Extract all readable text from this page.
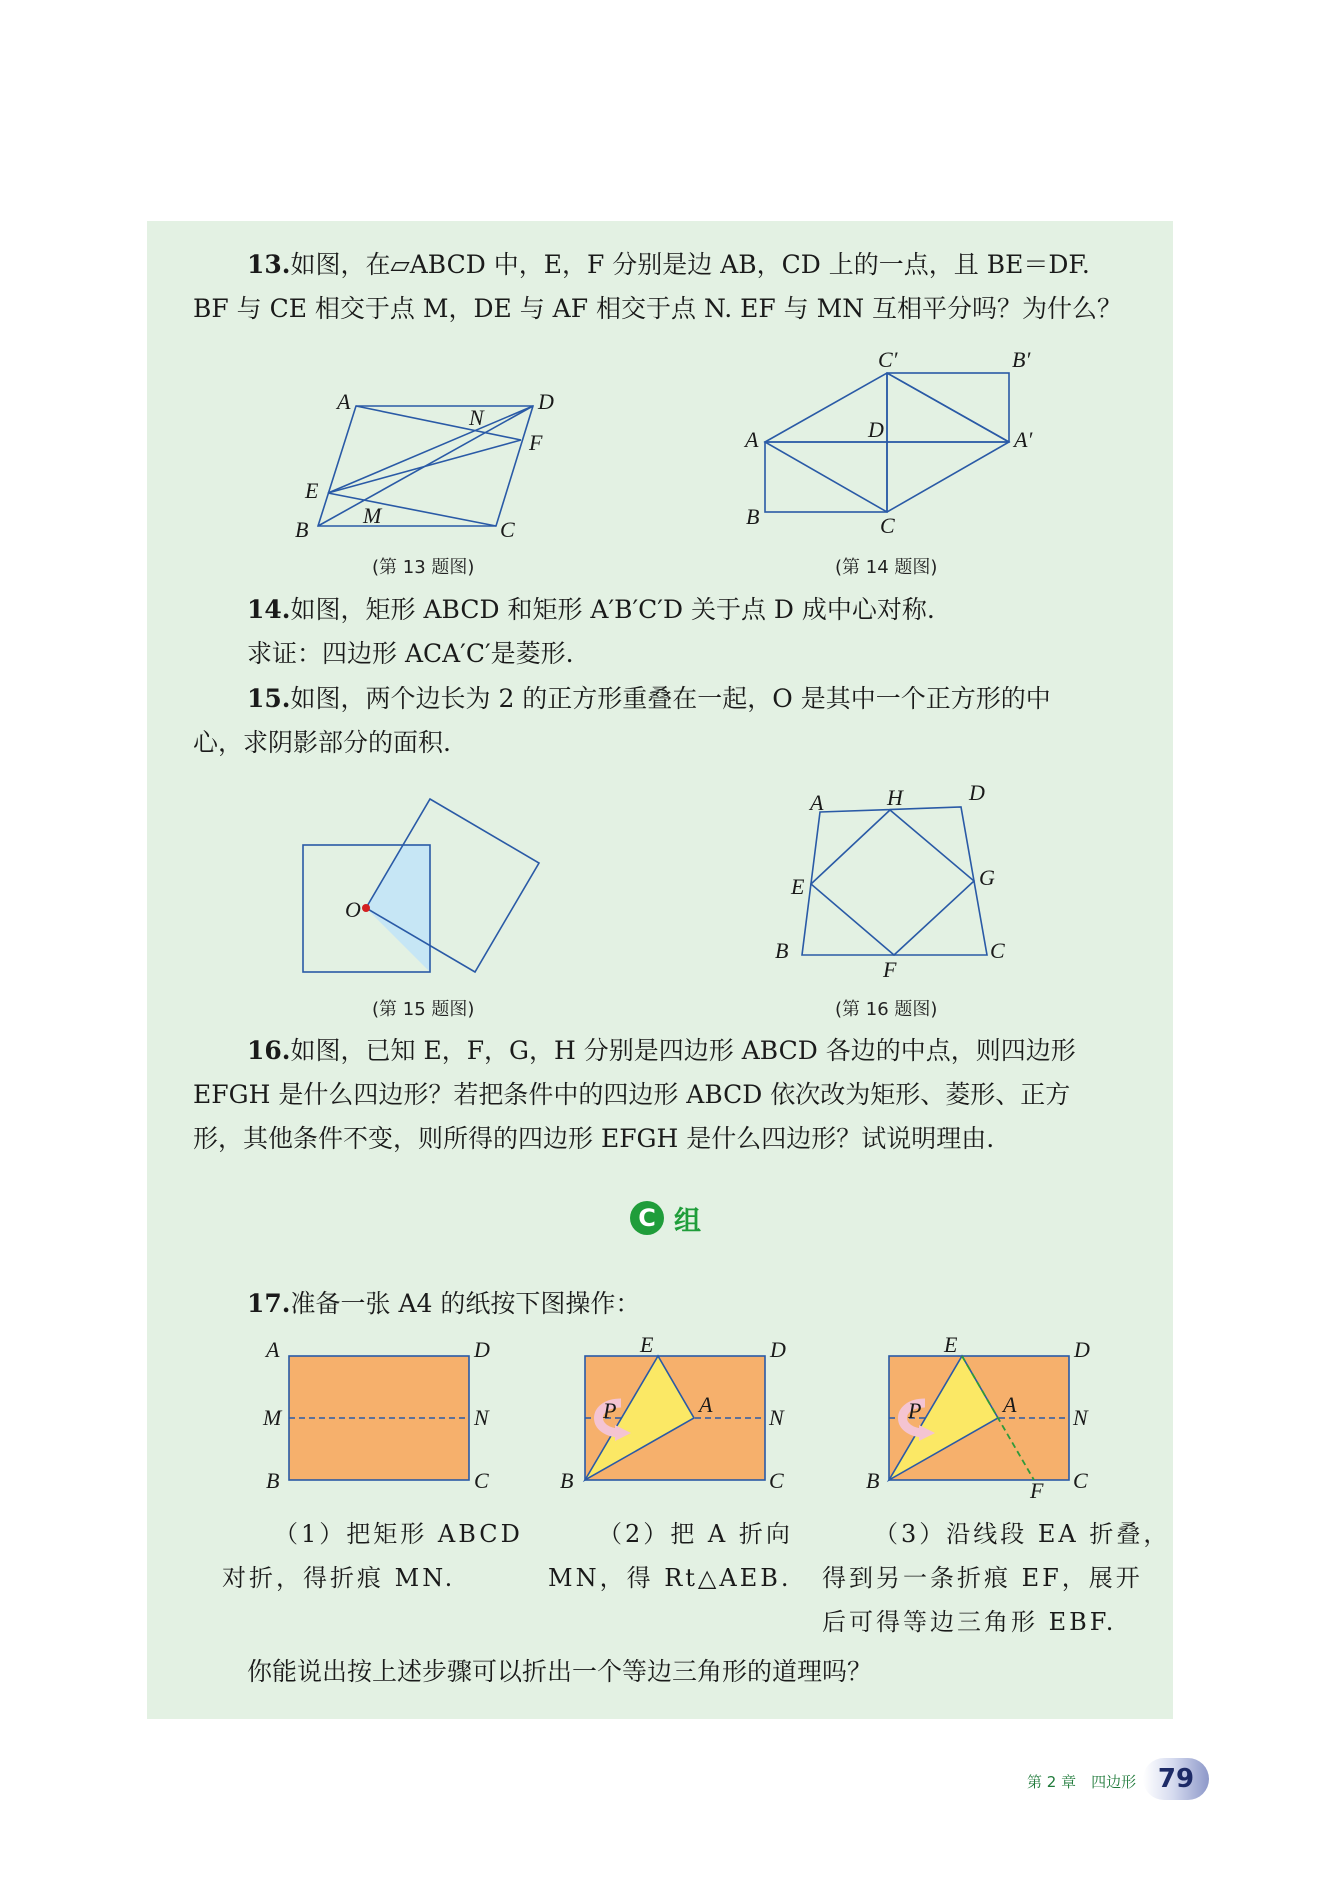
13.如图，在▱ABCD 中，E，F 分别是边 AB，CD 上的一点，且 BE＝DF.

BF 与 CE 相交于点 M，DE 与 AF 相交于点 N. EF 与 MN 互相平分吗？为什么？

A	D
N
F
E
M
B	C
(第 13 题图)
C′	B′
A	D	A′
B	C
(第 14 题图)

14.如图，矩形 ABCD 和矩形 A′B′C′D 关于点 D 成中心对称.

求证：四边形 ACA′C′是菱形.

15.如图，两个边长为 2 的正方形重叠在一起，O 是其中一个正方形的中

心，求阴影部分的面积.

O
(第 15 题图)
A	H	D
E	G
B
F
C
(第 16 题图)

16.如图，已知 E，F，G，H 分别是四边形 ABCD 各边的中点，则四边形

EFGH 是什么四边形？若把条件中的四边形 ABCD 依次改为矩形、菱形、正方

形，其他条件不变，则所得的四边形 EFGH 是什么四边形？试说明理由.

C 组

17.准备一张 A4 的纸按下图操作：

A	D
M	N
B	C
E	D
P	A
N
B	C
E	D
P	A
N
B	F C
（1）把矩形 ABCD
对折，得折痕 MN.
（2）把 A 折向
MN，得 Rt△AEB.
（3）沿线段 EA 折叠，
得到另一条折痕 EF，展开
后可得等边三角形 EBF.

你能说出按上述步骤可以折出一个等边三角形的道理吗？

第 2 章　四边形 79
